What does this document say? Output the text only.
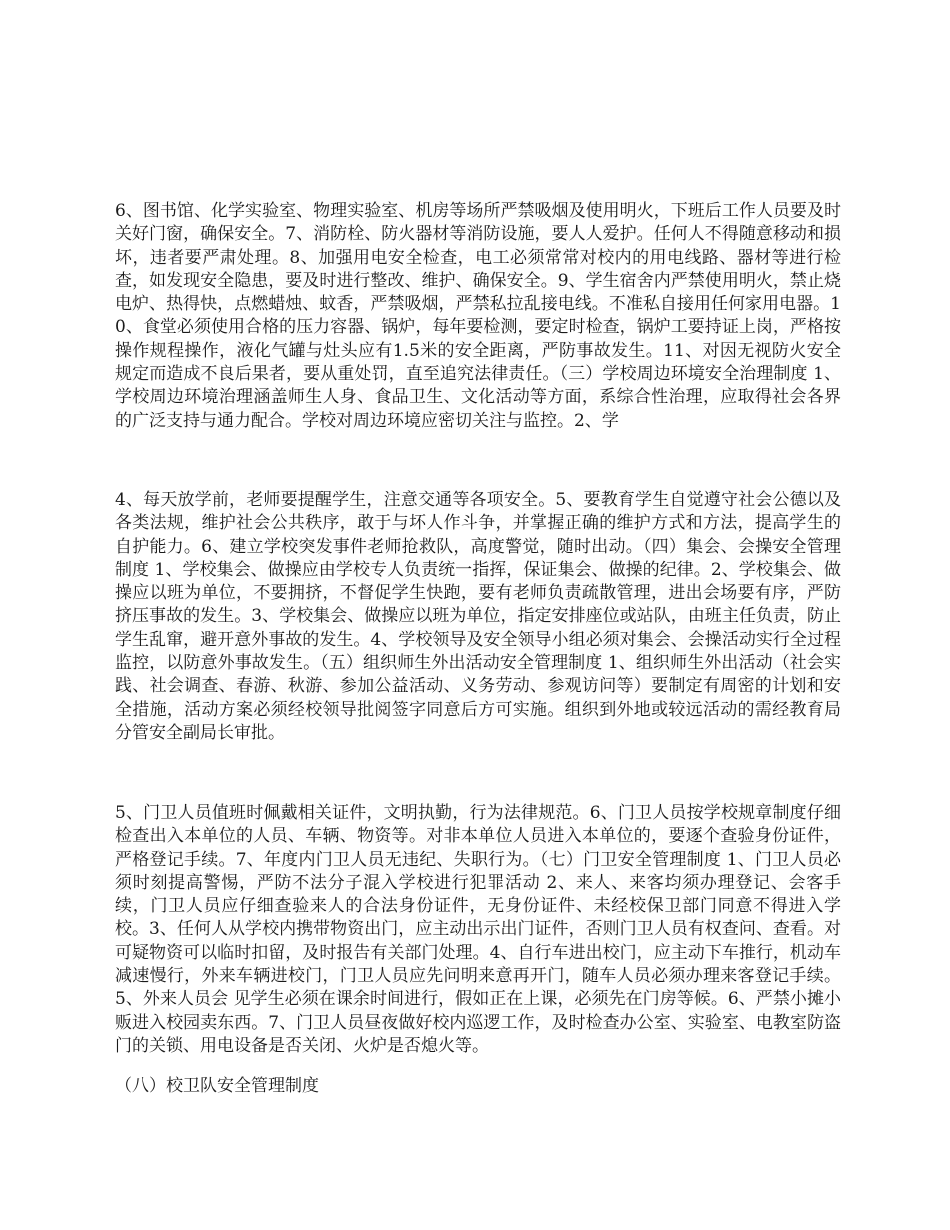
6、图书馆、化学实验室、物理实验室、机房等场所严禁吸烟及使用明火，下班后工作人员要及时关好门窗，确保安全。7、消防栓、防火器材等消防设施，要人人爱护。任何人不得随意移动和损坏，违者要严肃处理。8、加强用电安全检查，电工必须常常对校内的用电线路、器材等进行检查，如发现安全隐患，要及时进行整改、维护、确保安全。9、学生宿舍内严禁使用明火，禁止烧电炉、热得快，点燃蜡烛、蚊香，严禁吸烟，严禁私拉乱接电线。不准私自接用任何家用电器。10、食堂必须使用合格的压力容器、锅炉，每年要检测，要定时检查，锅炉工要持证上岗，严格按操作规程操作，液化气罐与灶头应有1.5米的安全距离，严防事故发生。11、对因无视防火安全规定而造成不良后果者，要从重处罚，直至追究法律责任。（三）学校周边环境安全治理制度 1、学校周边环境治理涵盖师生人身、食品卫生、文化活动等方面，系综合性治理，应取得社会各界的广泛支持与通力配合。学校对周边环境应密切关注与监控。2、学

4、每天放学前，老师要提醒学生，注意交通等各项安全。5、要教育学生自觉遵守社会公德以及各类法规，维护社会公共秩序，敢于与坏人作斗争，并掌握正确的维护方式和方法，提高学生的自护能力。6、建立学校突发事件老师抢救队，高度警觉，随时出动。（四）集会、会操安全管理制度 1、学校集会、做操应由学校专人负责统一指挥，保证集会、做操的纪律。2、学校集会、做操应以班为单位，不要拥挤，不督促学生快跑，要有老师负责疏散管理，进出会场要有序，严防挤压事故的发生。3、学校集会、做操应以班为单位，指定安排座位或站队，由班主任负责，防止学生乱窜，避开意外事故的发生。4、学校领导及安全领导小组必须对集会、会操活动实行全过程监控，以防意外事故发生。（五）组织师生外出活动安全管理制度 1、组织师生外出活动（社会实践、社会调查、春游、秋游、参加公益活动、义务劳动、参观访问等）要制定有周密的计划和安全措施，活动方案必须经校领导批阅签字同意后方可实施。组织到外地或较远活动的需经教育局分管安全副局长审批。

5、门卫人员值班时佩戴相关证件，文明执勤，行为法律规范。6、门卫人员按学校规章制度仔细检查出入本单位的人员、车辆、物资等。对非本单位人员进入本单位的，要逐个查验身份证件，严格登记手续。7、年度内门卫人员无违纪、失职行为。（七）门卫安全管理制度 1、门卫人员必须时刻提高警惕，严防不法分子混入学校进行犯罪活动 2、来人、来客均须办理登记、会客手续，门卫人员应仔细查验来人的合法身份证件，无身份证件、未经校保卫部门同意不得进入学校。3、任何人从学校内携带物资出门，应主动出示出门证件，否则门卫人员有权查问、查看。对可疑物资可以临时扣留，及时报告有关部门处理。4、自行车进出校门，应主动下车推行，机动车减速慢行，外来车辆进校门，门卫人员应先问明来意再开门，随车人员必须办理来客登记手续。5、外来人员会 见学生必须在课余时间进行，假如正在上课，必须先在门房等候。6、严禁小摊小贩进入校园卖东西。7、门卫人员昼夜做好校内巡逻工作，及时检查办公室、实验室、电教室防盗门的关锁、用电设备是否关闭、火炉是否熄火等。

（八）校卫队安全管理制度
